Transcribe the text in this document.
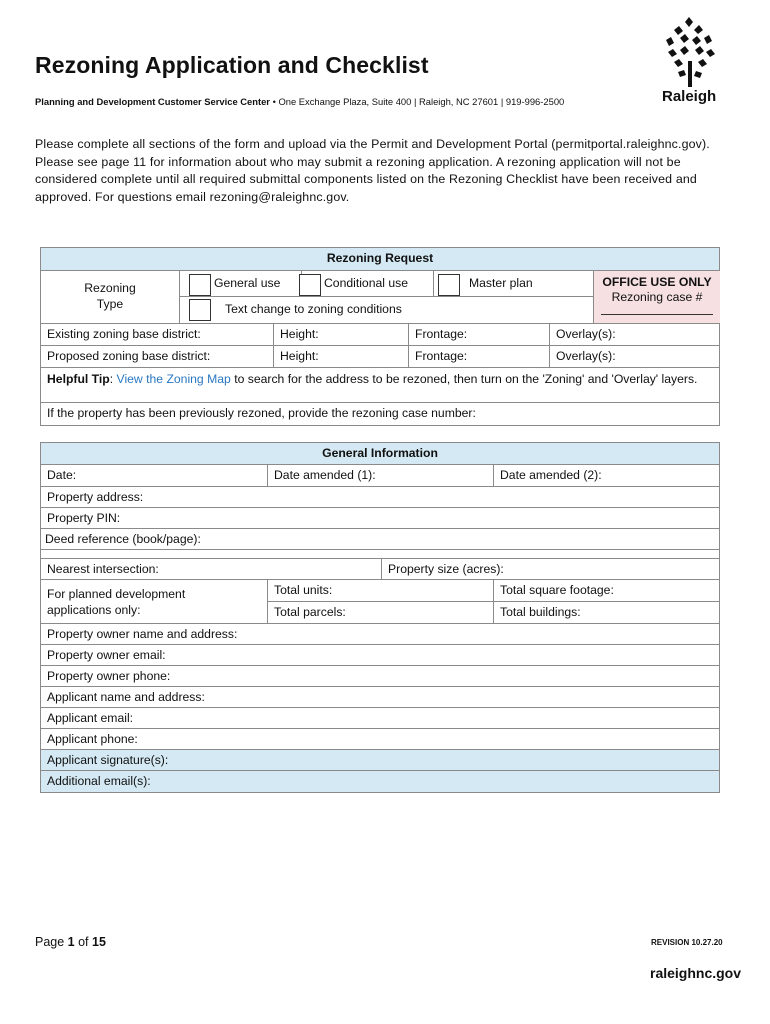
Rezoning Application and Checklist
Planning and Development Customer Service Center • One Exchange Plaza, Suite 400 | Raleigh, NC 27601 | 919-996-2500	Raleigh
Please complete all sections of the form and upload via the Permit and Development Portal (permitportal.raleighnc.gov). Please see page 11 for information about who may submit a rezoning application. A rezoning application will not be considered complete until all required submittal components listed on the Rezoning Checklist have been received and approved. For questions email rezoning@raleighnc.gov.
Rezoning Request
Rezoning
Type
General use	Conditional use	Master plan
Text change to zoning conditions
OFFICE USE ONLY
Rezoning case #
Existing zoning base district:	Height:	Frontage:	Overlay(s):
Proposed zoning base district:	Height:	Frontage:	Overlay(s):
Helpful Tip: View the Zoning Map to search for the address to be rezoned, then turn on the 'Zoning' and 'Overlay' layers.
If the property has been previously rezoned, provide the rezoning case number:
General Information
Date:	Date amended (1):	Date amended (2):
Property address:
Property PIN:
Deed reference (book/page):
Nearest intersection:	Property size (acres):
For planned development
applications only:
Total units:	Total square footage:
Total parcels:	Total buildings:
Property owner name and address:
Property owner email:
Property owner phone:
Applicant name and address:
Applicant email:
Applicant phone:
Applicant signature(s):
Additional email(s):
Page 1 of 15	REVISION 10.27.20
raleighnc.gov
